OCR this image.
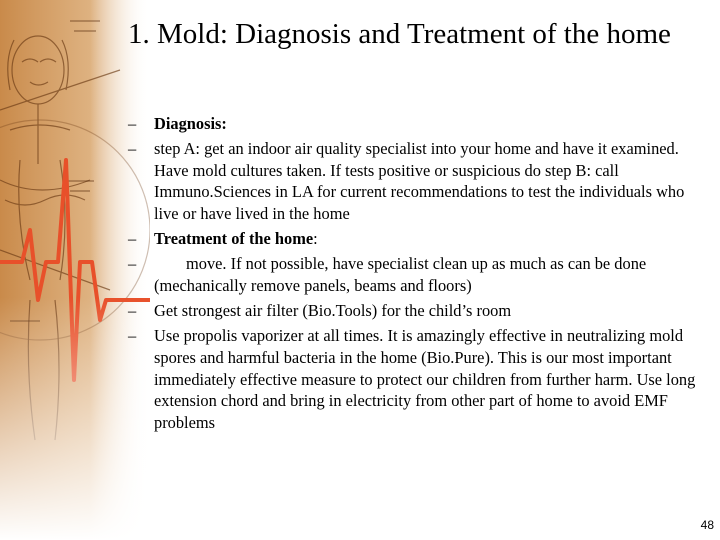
1. Mold: Diagnosis and Treatment of the home
– Diagnosis:
– step A: get an indoor air quality specialist into your home and have it examined. Have mold cultures taken. If tests positive or suspicious do step B: call Immuno.Sciences in LA for current recommendations to test the individuals who live or have lived in the home
– Treatment of the home:
–	move. If not possible, have specialist clean up as much as can be done (mechanically remove panels, beams and floors)
– Get strongest air filter (Bio.Tools) for the child’s room
– Use propolis vaporizer at all times. It is amazingly effective in neutralizing mold spores and harmful bacteria in the home (Bio.Pure). This is our most important immediately effective measure to protect our children from further harm. Use long extension chord and bring in electricity from other part of home to avoid EMF problems
48
